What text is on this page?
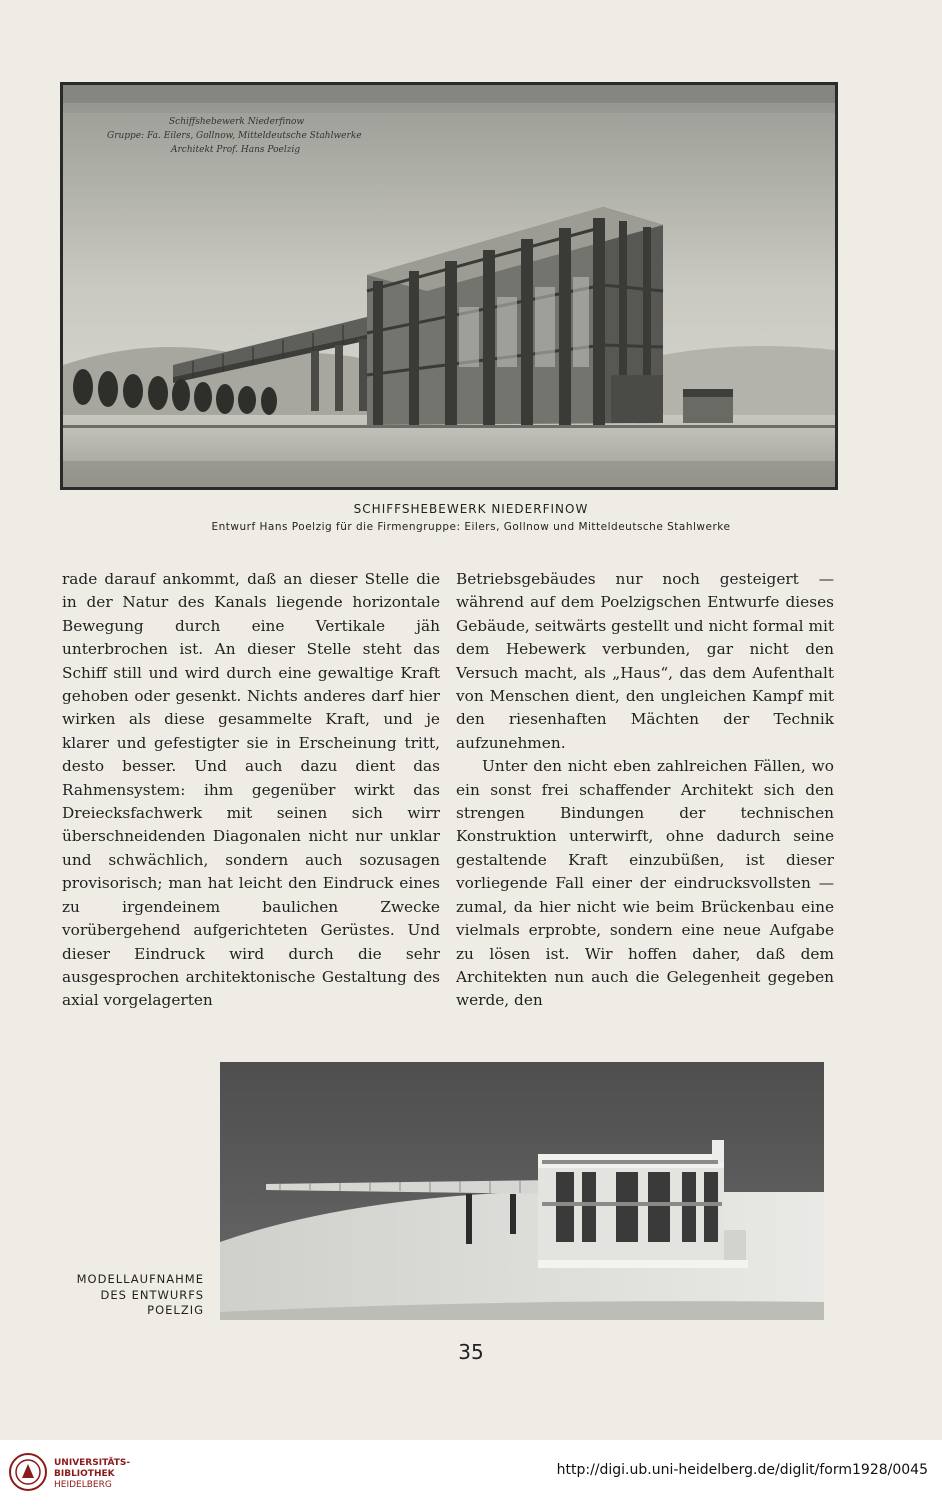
Schiffshebewerk Niederfinow
Gruppe: Fa. Eilers, Gollnow, Mitteldeutsche Stahlwerke
Architekt Prof. Hans Poelzig
SCHIFFSHEBEWERK NIEDERFINOW
Entwurf Hans Poelzig für die Firmengruppe: Eilers, Gollnow und Mitteldeutsche Stahlwerke

rade darauf ankommt, daß an dieser Stelle die in der Natur des Kanals liegende horizontale Bewegung durch eine Vertikale jäh unterbrochen ist. An dieser Stelle steht das Schiff still und wird durch eine gewaltige Kraft gehoben oder gesenkt. Nichts anderes darf hier wirken als diese gesammelte Kraft, und je klarer und gefestigter sie in Erscheinung tritt, desto besser. Und auch dazu dient das Rahmensystem: ihm gegenüber wirkt das Dreiecksfachwerk mit seinen sich wirr überschneidenden Diagonalen nicht nur unklar und schwächlich, sondern auch sozusagen provisorisch; man hat leicht den Eindruck eines zu irgendeinem baulichen Zwecke vorübergehend aufgerichteten Gerüstes. Und dieser Eindruck wird durch die sehr ausgesprochen architektonische Gestaltung des axial vorgelagerten

Betriebsgebäudes nur noch gesteigert — während auf dem Poelzigschen Entwurfe dieses Gebäude, seitwärts gestellt und nicht formal mit dem Hebewerk verbunden, gar nicht den Versuch macht, als „Haus“, das dem Aufenthalt von Menschen dient, den ungleichen Kampf mit den riesenhaften Mächten der Technik aufzunehmen.

Unter den nicht eben zahlreichen Fällen, wo ein sonst frei schaffender Architekt sich den strengen Bindungen der technischen Konstruktion unterwirft, ohne dadurch seine gestaltende Kraft einzubüßen, ist dieser vorliegende Fall einer der eindrucksvollsten — zumal, da hier nicht wie beim Brückenbau eine vielmals erprobte, sondern eine neue Aufgabe zu lösen ist. Wir hoffen daher, daß dem Architekten nun auch die Gelegenheit gegeben werde, den

MODELLAUFNAHME
DES ENTWURFS
POELZIG
35
UNIVERSITÄTS-
BIBLIOTHEK
HEIDELBERG
http://digi.ub.uni-heidelberg.de/diglit/form1928/0045
